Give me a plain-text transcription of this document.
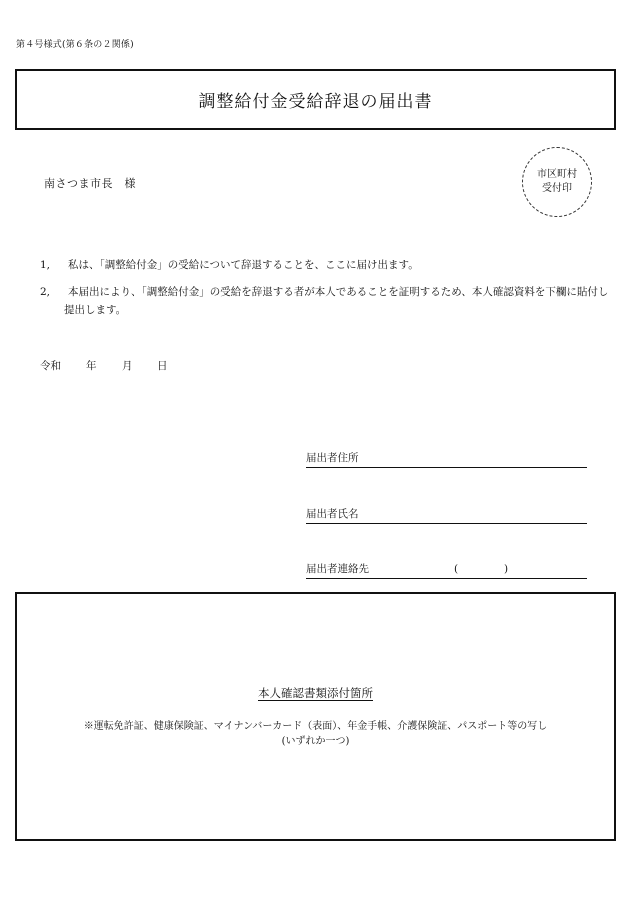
第４号様式(第６条の２関係)
調整給付金受給辞退の届出書
南さつま市長　様
市区町村
受付印
1,	私は、「調整給付金」の受給について辞退することを、ここに届け出ます。
2,	本届出により、「調整給付金」の受給を辞退する者が本人であることを証明するため、本人確認資料を下欄に貼付し提出します。
令和 年 月 日
届出者住所
届出者氏名
届出者連絡先	(	)
本人確認書類添付箇所
※運転免許証、健康保険証、マイナンバーカード（表面）、年金手帳、介護保険証、パスポート等の写し
(いずれか一つ)
